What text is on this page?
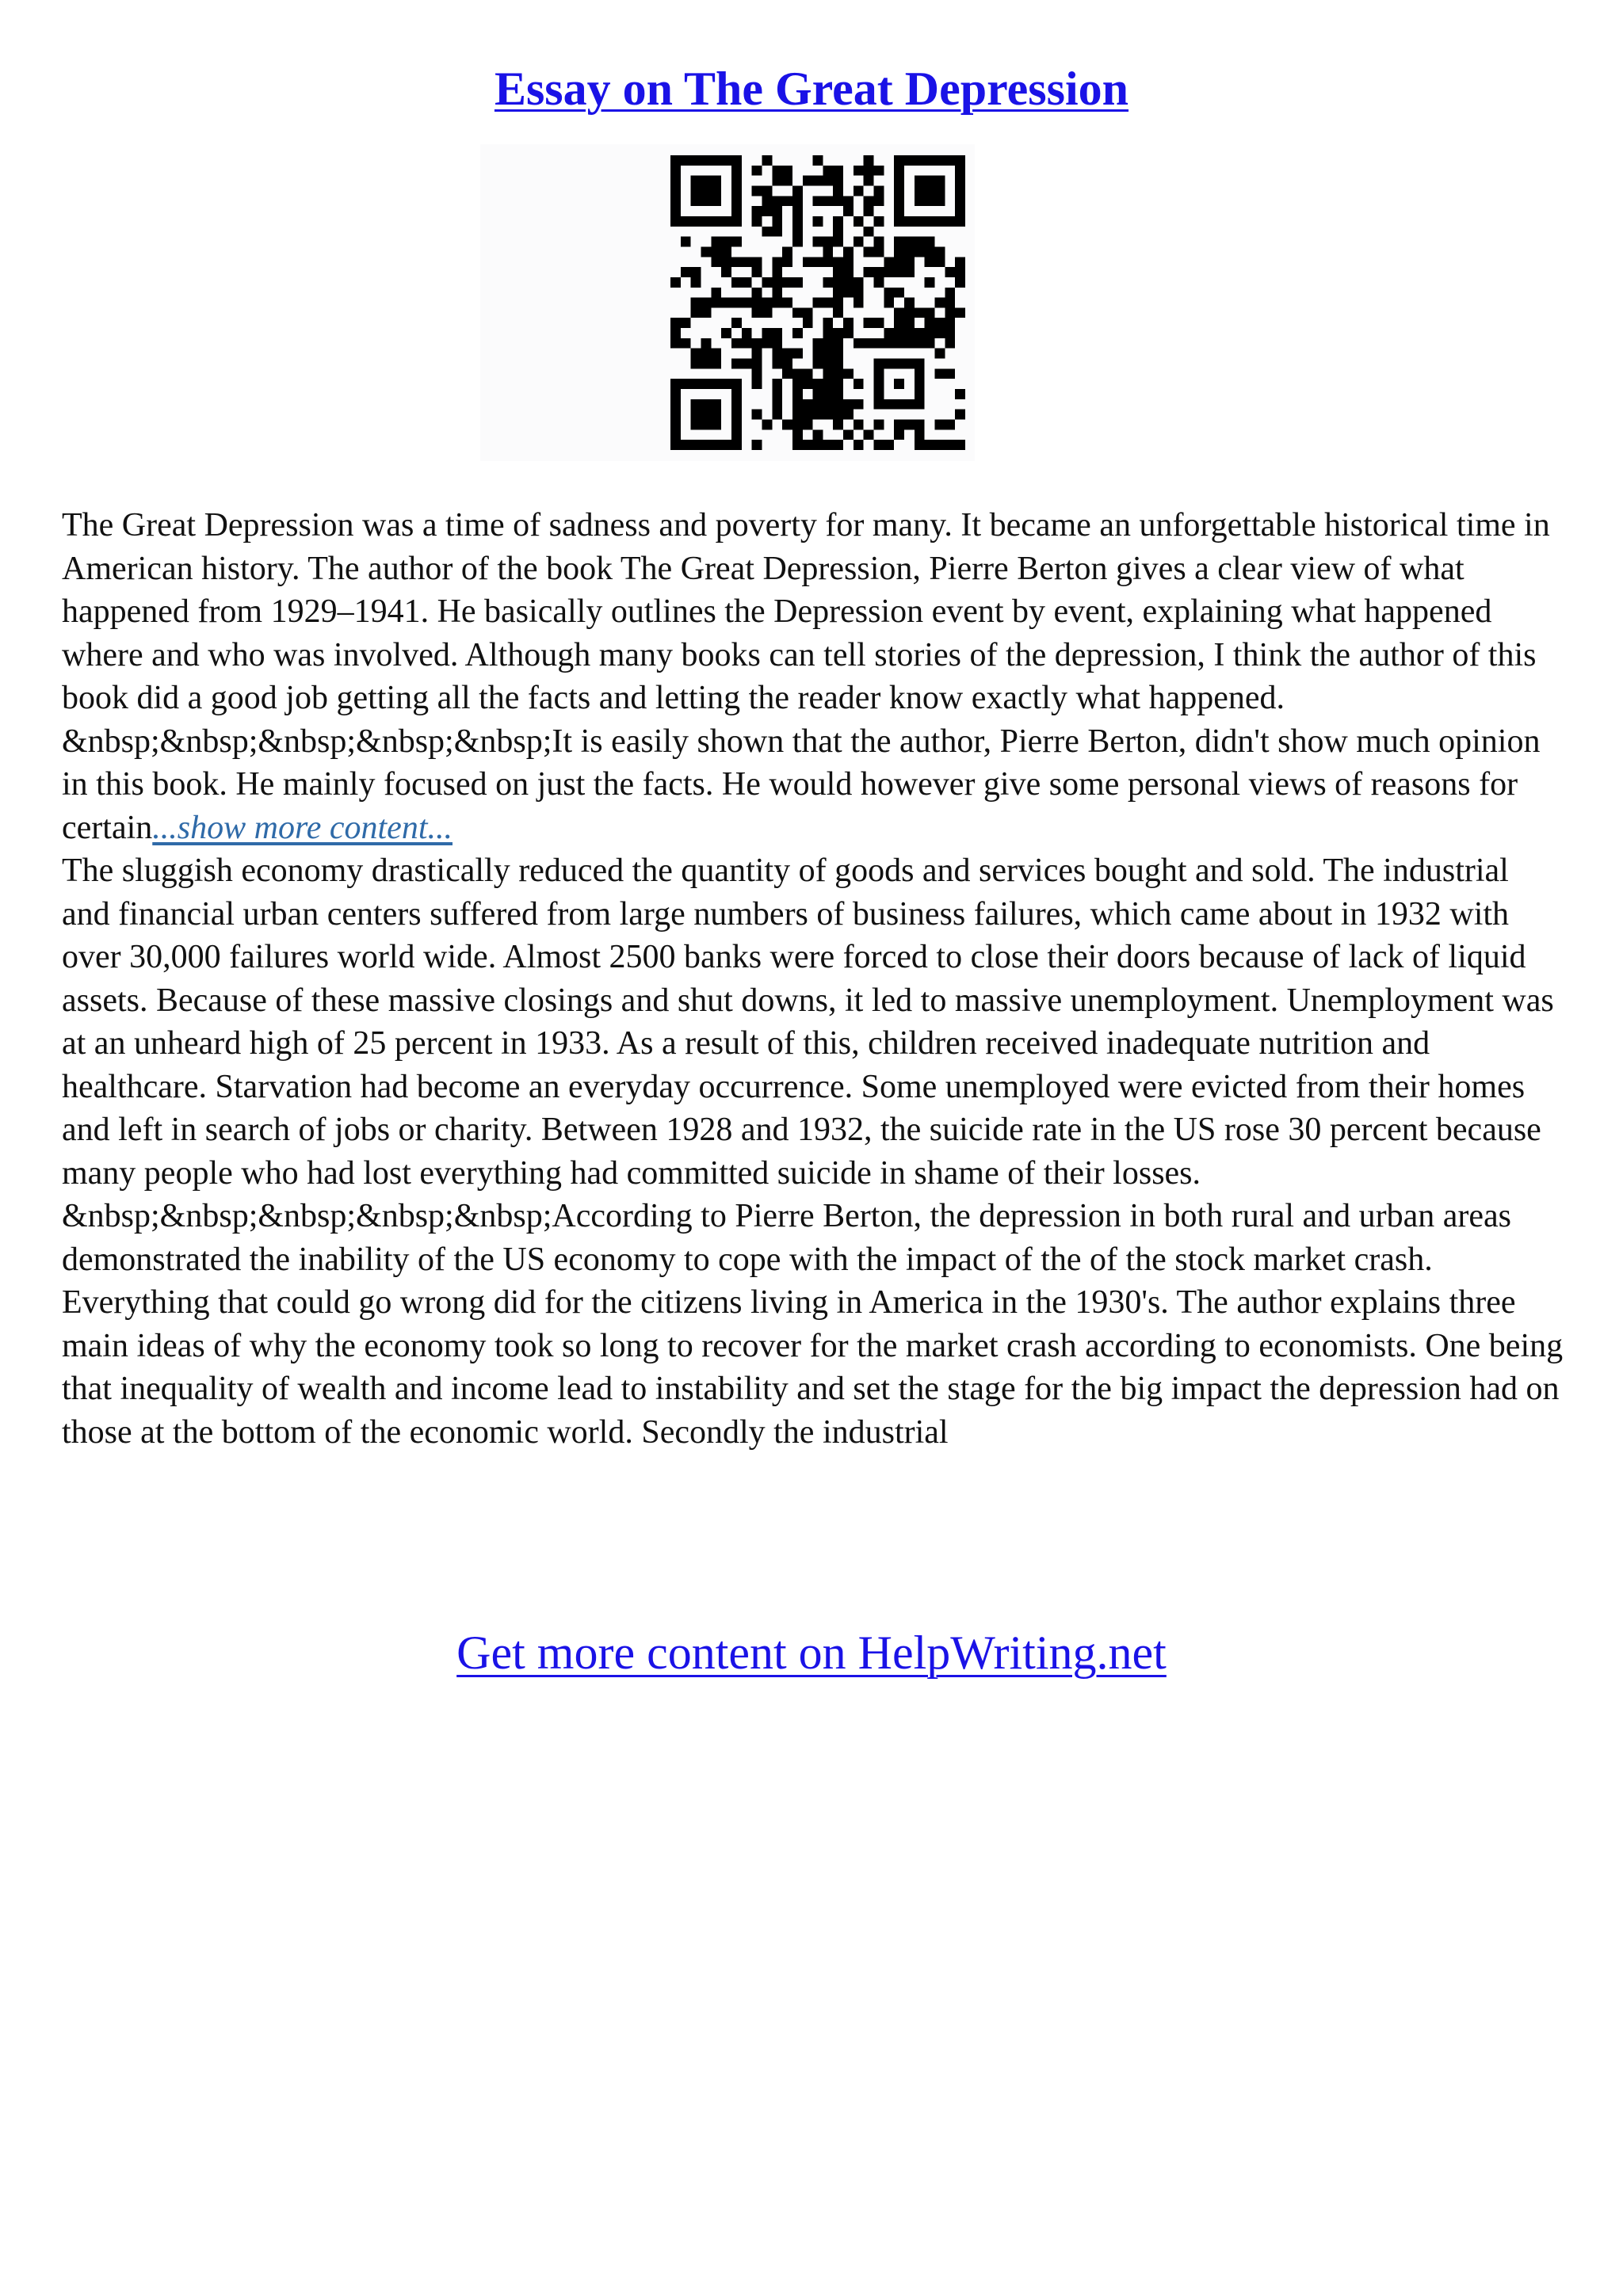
Essay on The Great Depression

The Great Depression was a time of sadness and poverty for many. It became an unforgettable historical time in American history. The author of the book The Great Depression, Pierre Berton gives a clear view of what happened from 1929–1941. He basically outlines the Depression event by event, explaining what happened where and who was involved. Although many books can tell stories of the depression, I think the author of this book did a good job getting all the facts and letting the reader know exactly what happened. &nbsp;&nbsp;&nbsp;&nbsp;&nbsp;It is easily shown that the author, Pierre Berton, didn't show much opinion in this book. He mainly focused on just the facts. He would however give some personal views of reasons for certain...show more content...

The sluggish economy drastically reduced the quantity of goods and services bought and sold. The industrial and financial urban centers suffered from large numbers of business failures, which came about in 1932 with over 30,000 failures world wide. Almost 2500 banks were forced to close their doors because of lack of liquid assets. Because of these massive closings and shut downs, it led to massive unemployment. Unemployment was at an unheard high of 25 percent in 1933. As a result of this, children received inadequate nutrition and healthcare. Starvation had become an everyday occurrence. Some unemployed were evicted from their homes and left in search of jobs or charity. Between 1928 and 1932, the suicide rate in the US rose 30 percent because many people who had lost everything had committed suicide in shame of their losses. &nbsp;&nbsp;&nbsp;&nbsp;&nbsp;According to Pierre Berton, the depression in both rural and urban areas demonstrated the inability of the US economy to cope with the impact of the of the stock market crash. Everything that could go wrong did for the citizens living in America in the 1930's. The author explains three main ideas of why the economy took so long to recover for the market crash according to economists. One being that inequality of wealth and income lead to instability and set the stage for the big impact the depression had on those at the bottom of the economic world. Secondly the industrial

Get more content on HelpWriting.net
